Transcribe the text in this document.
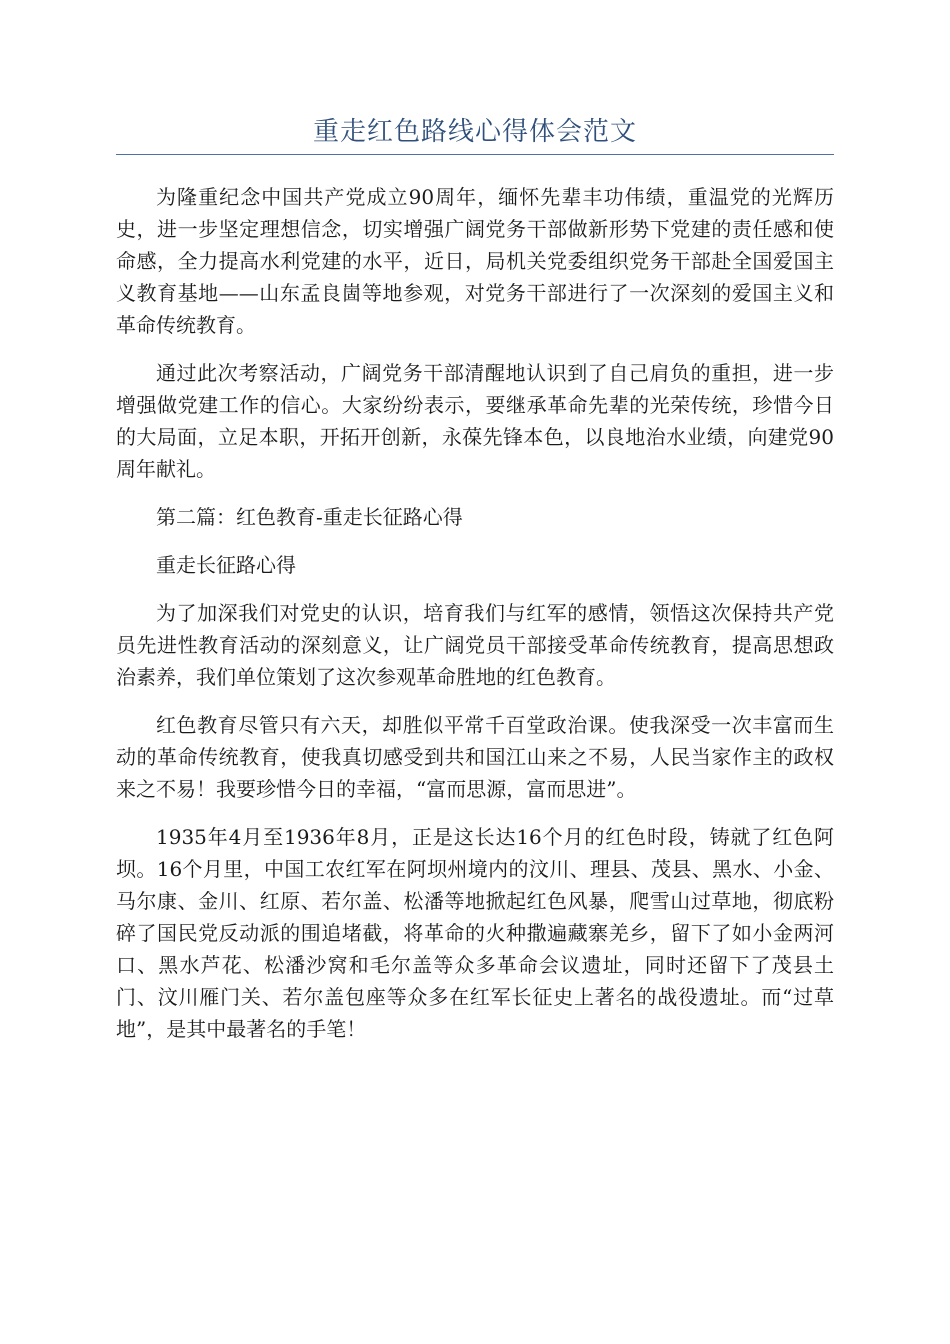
重走红色路线心得体会范文

为隆重纪念中国共产党成立90周年，缅怀先辈丰功伟绩，重温党的光辉历史，进一步坚定理想信念，切实增强广阔党务干部做新形势下党建的责任感和使命感，全力提高水利党建的水平，近日，局机关党委组织党务干部赴全国爱国主义教育基地——山东孟良崮等地参观，对党务干部进行了一次深刻的爱国主义和革命传统教育。

通过此次考察活动，广阔党务干部清醒地认识到了自己肩负的重担，进一步增强做党建工作的信心。大家纷纷表示，要继承革命先辈的光荣传统，珍惜今日的大局面，立足本职，开拓开创新，永葆先锋本色，以良地治水业绩，向建党90周年献礼。

第二篇：红色教育-重走长征路心得

重走长征路心得

为了加深我们对党史的认识，培育我们与红军的感情，领悟这次保持共产党员先进性教育活动的深刻意义，让广阔党员干部接受革命传统教育，提高思想政治素养，我们单位策划了这次参观革命胜地的红色教育。

红色教育尽管只有六天，却胜似平常千百堂政治课。使我深受一次丰富而生动的革命传统教育，使我真切感受到共和国江山来之不易，人民当家作主的政权来之不易！我要珍惜今日的幸福，“富而思源，富而思进”。

1935年4月至1936年8月，正是这长达16个月的红色时段，铸就了红色阿坝。16个月里，中国工农红军在阿坝州境内的汶川、理县、茂县、黑水、小金、马尔康、金川、红原、若尔盖、松潘等地掀起红色风暴，爬雪山过草地，彻底粉碎了国民党反动派的围追堵截，将革命的火种撒遍藏寨羌乡，留下了如小金两河口、黑水芦花、松潘沙窝和毛尔盖等众多革命会议遗址，同时还留下了茂县土门、汶川雁门关、若尔盖包座等众多在红军长征史上著名的战役遗址。而“过草地”，是其中最著名的手笔！
